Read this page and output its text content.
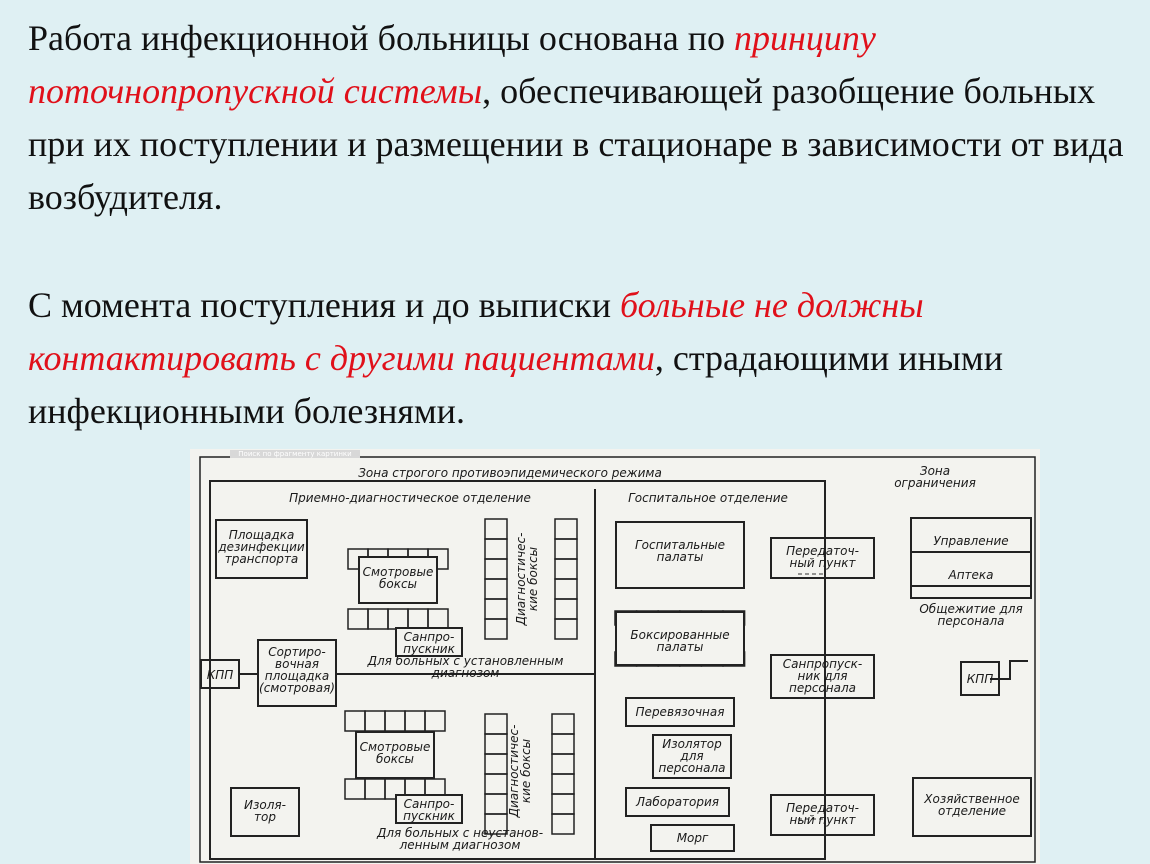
Работа инфекционной больницы основана по принципу поточнопропускной системы, обеспечивающей разобщение больных при их поступлении и размещении в стационаре в зависимости от вида возбудителя.
С момента поступления и до выписки больные не должны контактировать с другими пациентами, страдающими иными инфекционными болезнями.
Поиск по фрагменту картинки
Зона строгого противоэпидемического режима	Зона
ограничения
Приемно-диагностическое отделение	Госпитальное отделение
Площадка
дезинфекции
транспорта
Смотровые
боксы
Санпро-
пускник
Диагностичес-
кие боксы
КПП
Сортиро-
вочная
площадка
(смотровая)
Для больных с установленным
диагнозом
Смотровые
боксы
Санпро-
пускник	Диагностичес-
кие боксы
Изоля-
тор
Для больных с неустанов-
ленным диагнозом
Госпитальные
палаты
Боксированные
палаты
Перевязочная
Изолятор
для
персонала
Лаборатория
Морг
Передаточ-
ный пункт
Санпропуск-
ник для
персонала
Передаточ-
ный пункт

Управление

Аптека

Общежитие для
персонала

КПП
Хозяйственное
отделение
